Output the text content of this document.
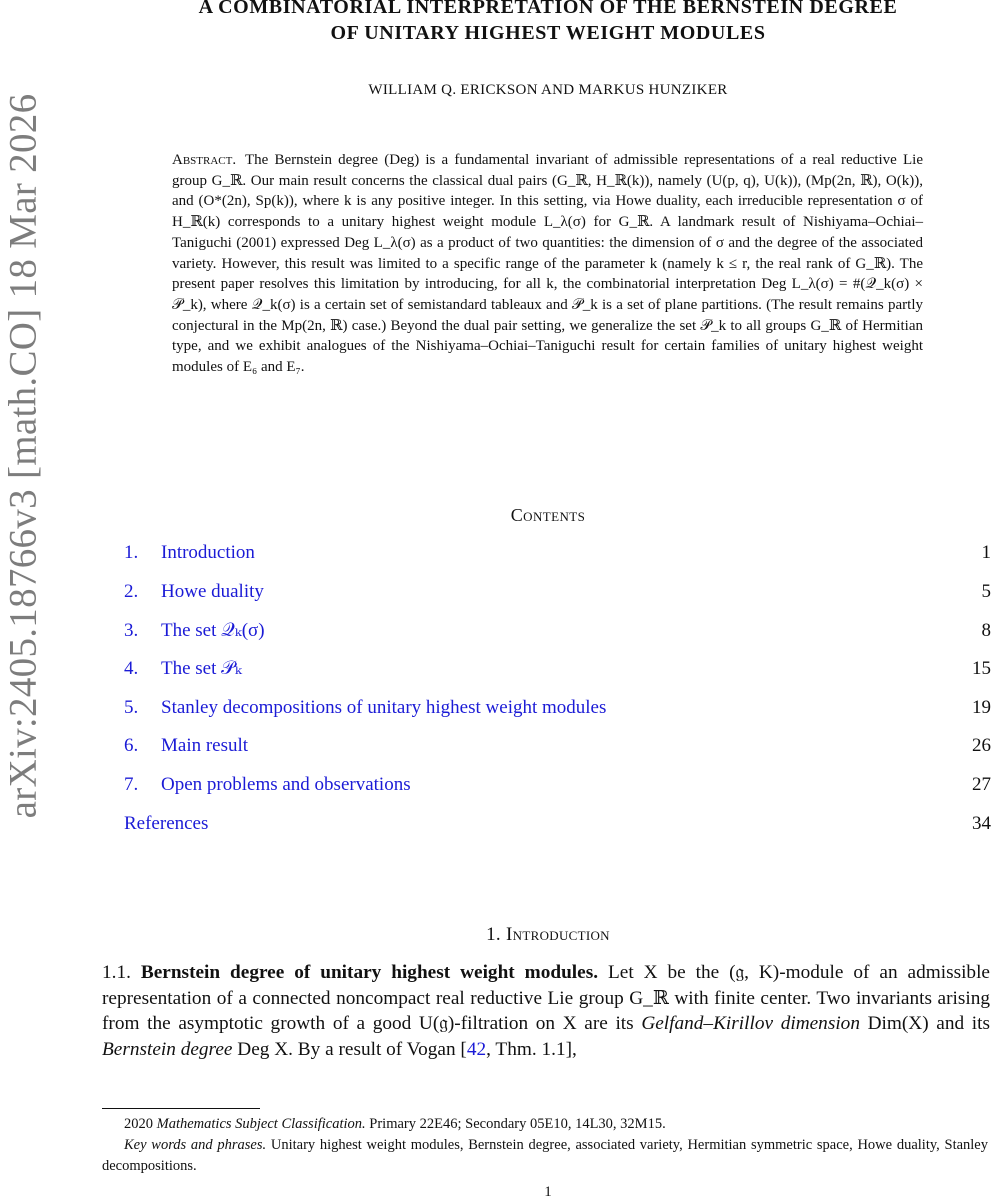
arXiv:2405.18766v3 [math.CO] 18 Mar 2026
A COMBINATORIAL INTERPRETATION OF THE BERNSTEIN DEGREE
OF UNITARY HIGHEST WEIGHT MODULES
WILLIAM Q. ERICKSON AND MARKUS HUNZIKER
Abstract. The Bernstein degree (Deg) is a fundamental invariant of admissible representations of a real reductive Lie group G_ℝ. Our main result concerns the classical dual pairs (G_ℝ, H_ℝ(k)), namely (U(p, q), U(k)), (Mp(2n, ℝ), O(k)), and (O*(2n), Sp(k)), where k is any positive integer. In this setting, via Howe duality, each irreducible representation σ of H_ℝ(k) corresponds to a unitary highest weight module L_λ(σ) for G_ℝ. A landmark result of Nishiyama–Ochiai–Taniguchi (2001) expressed Deg L_λ(σ) as a product of two quantities: the dimension of σ and the degree of the associated variety. However, this result was limited to a specific range of the parameter k (namely k ≤ r, the real rank of G_ℝ). The present paper resolves this limitation by introducing, for all k, the combinatorial interpretation Deg L_λ(σ) = #(𝒬_k(σ) × 𝒫_k), where 𝒬_k(σ) is a certain set of semistandard tableaux and 𝒫_k is a set of plane partitions. (The result remains partly conjectural in the Mp(2n, ℝ) case.) Beyond the dual pair setting, we generalize the set 𝒫_k to all groups G_ℝ of Hermitian type, and we exhibit analogues of the Nishiyama–Ochiai–Taniguchi result for certain families of unitary highest weight modules of E₆ and E₇.
Contents
1. Introduction	1
2. Howe duality	5
3. The set 𝒬ₖ(σ)	8
4. The set 𝒫ₖ	15
5. Stanley decompositions of unitary highest weight modules	19
6. Main result	26
7. Open problems and observations	27
References	34
1. Introduction
1.1. Bernstein degree of unitary highest weight modules. Let X be the (𝔤, K)-module of an admissible representation of a connected noncompact real reductive Lie group G_ℝ with finite center. Two invariants arising from the asymptotic growth of a good U(𝔤)-filtration on X are its Gelfand–Kirillov dimension Dim(X) and its Bernstein degree Deg X. By a result of Vogan [42, Thm. 1.1],

2020 Mathematics Subject Classification. Primary 22E46; Secondary 05E10, 14L30, 32M15.

Key words and phrases. Unitary highest weight modules, Bernstein degree, associated variety, Hermitian symmetric space, Howe duality, Stanley decompositions.

1
